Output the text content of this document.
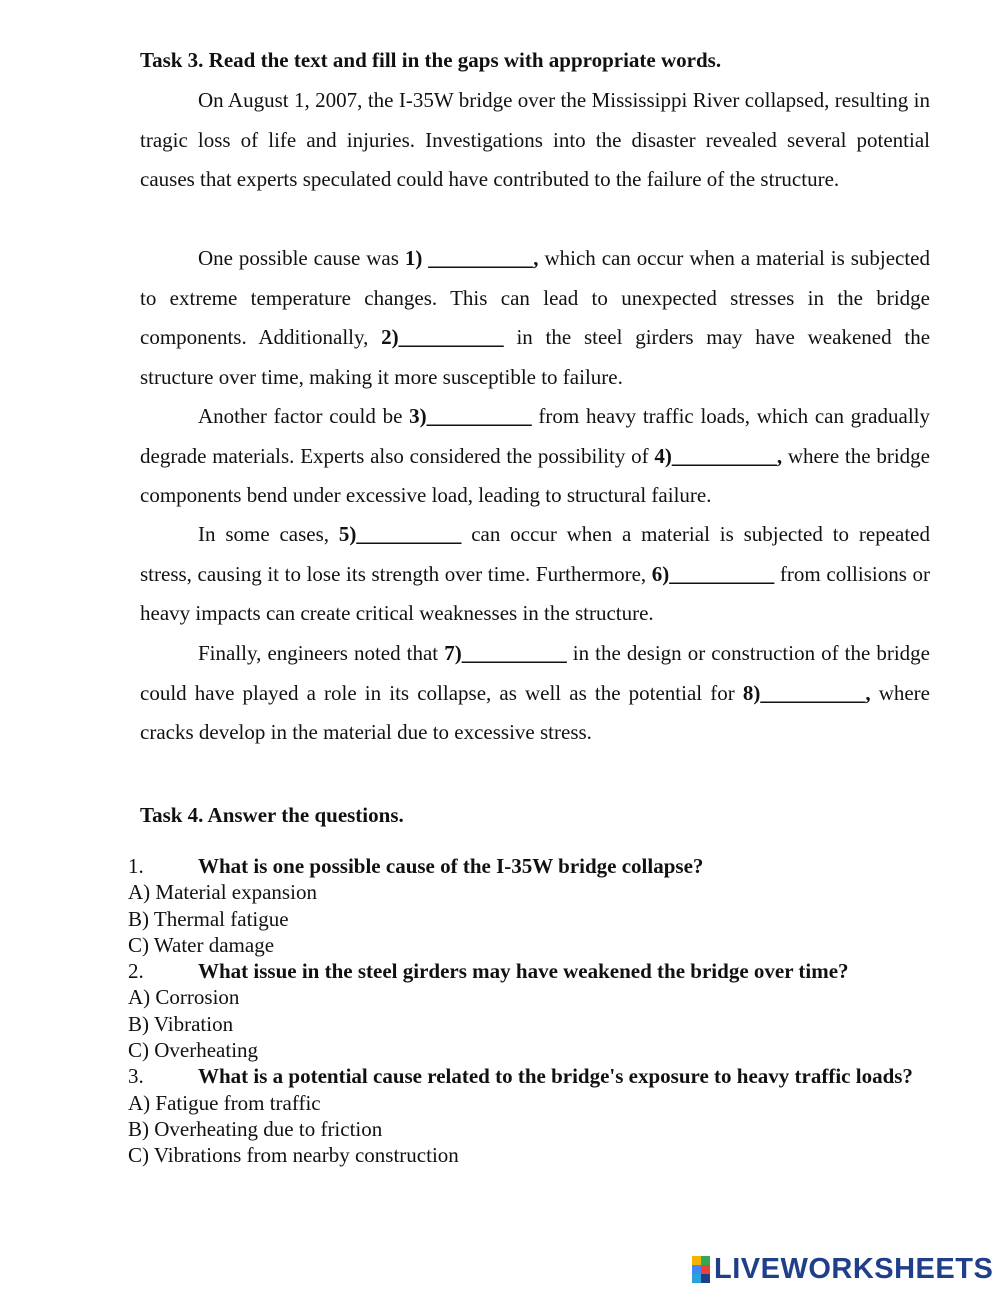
Task 3. Read the text and fill in the gaps with appropriate words.

On August 1, 2007, the I-35W bridge over the Mississippi River collapsed, resulting in tragic loss of life and injuries. Investigations into the disaster revealed several potential causes that experts speculated could have contributed to the failure of the structure.

One possible cause was 1) __________, which can occur when a material is subjected to extreme temperature changes. This can lead to unexpected stresses in the bridge components. Additionally, 2)__________ in the steel girders may have weakened the structure over time, making it more susceptible to failure.

Another factor could be 3)__________ from heavy traffic loads, which can gradually degrade materials. Experts also considered the possibility of 4)__________, where the bridge components bend under excessive load, leading to structural failure.

In some cases, 5)__________ can occur when a material is subjected to repeated stress, causing it to lose its strength over time. Furthermore, 6)__________ from collisions or heavy impacts can create critical weaknesses in the structure.

Finally, engineers noted that 7)__________ in the design or construction of the bridge could have played a role in its collapse, as well as the potential for 8)__________, where cracks develop in the material due to excessive stress.

Task 4. Answer the questions.
1.	What is one possible cause of the I-35W bridge collapse?
A) Material expansion
B) Thermal fatigue
C) Water damage
2.	What issue in the steel girders may have weakened the bridge over time?
A) Corrosion
B) Vibration
C) Overheating
3.	What is a potential cause related to the bridge's exposure to heavy traffic loads?
A) Fatigue from traffic
B) Overheating due to friction
C) Vibrations from nearby construction
LIVEWORKSHEETS
